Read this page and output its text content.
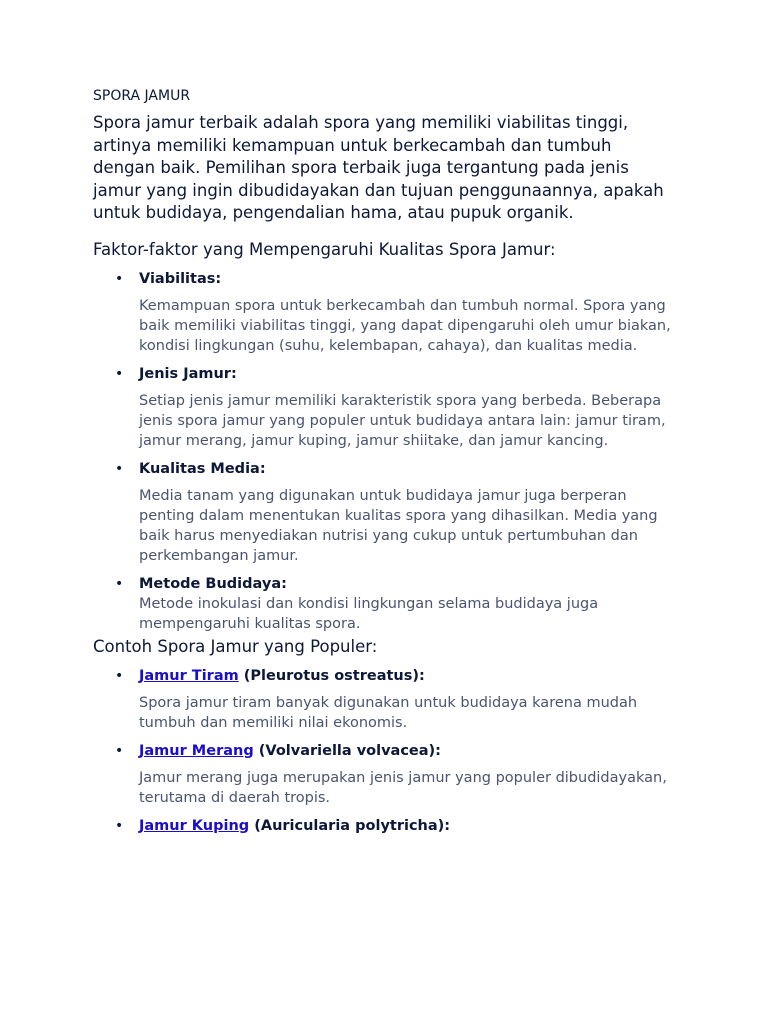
SPORA JAMUR

Spora jamur terbaik adalah spora yang memiliki viabilitas tinggi, artinya memiliki kemampuan untuk berkecambah dan tumbuh dengan baik. Pemilihan spora terbaik juga tergantung pada jenis jamur yang ingin dibudidayakan dan tujuan penggunaannya, apakah untuk budidaya, pengendalian hama, atau pupuk organik.

Faktor-faktor yang Mempengaruhi Kualitas Spora Jamur:
• Viabilitas:

Kemampuan spora untuk berkecambah dan tumbuh normal. Spora yang baik memiliki viabilitas tinggi, yang dapat dipengaruhi oleh umur biakan, kondisi lingkungan (suhu, kelembapan, cahaya), dan kualitas media.

• Jenis Jamur:

Setiap jenis jamur memiliki karakteristik spora yang berbeda. Beberapa jenis spora jamur yang populer untuk budidaya antara lain: jamur tiram, jamur merang, jamur kuping, jamur shiitake, dan jamur kancing.

• Kualitas Media:

Media tanam yang digunakan untuk budidaya jamur juga berperan penting dalam menentukan kualitas spora yang dihasilkan. Media yang baik harus menyediakan nutrisi yang cukup untuk pertumbuhan dan perkembangan jamur.

• Metode Budidaya:

Metode inokulasi dan kondisi lingkungan selama budidaya juga mempengaruhi kualitas spora.

Contoh Spora Jamur yang Populer:
• Jamur Tiram (Pleurotus ostreatus):

Spora jamur tiram banyak digunakan untuk budidaya karena mudah tumbuh dan memiliki nilai ekonomis.

• Jamur Merang (Volvariella volvacea):

Jamur merang juga merupakan jenis jamur yang populer dibudidayakan, terutama di daerah tropis.

• Jamur Kuping (Auricularia polytricha):
